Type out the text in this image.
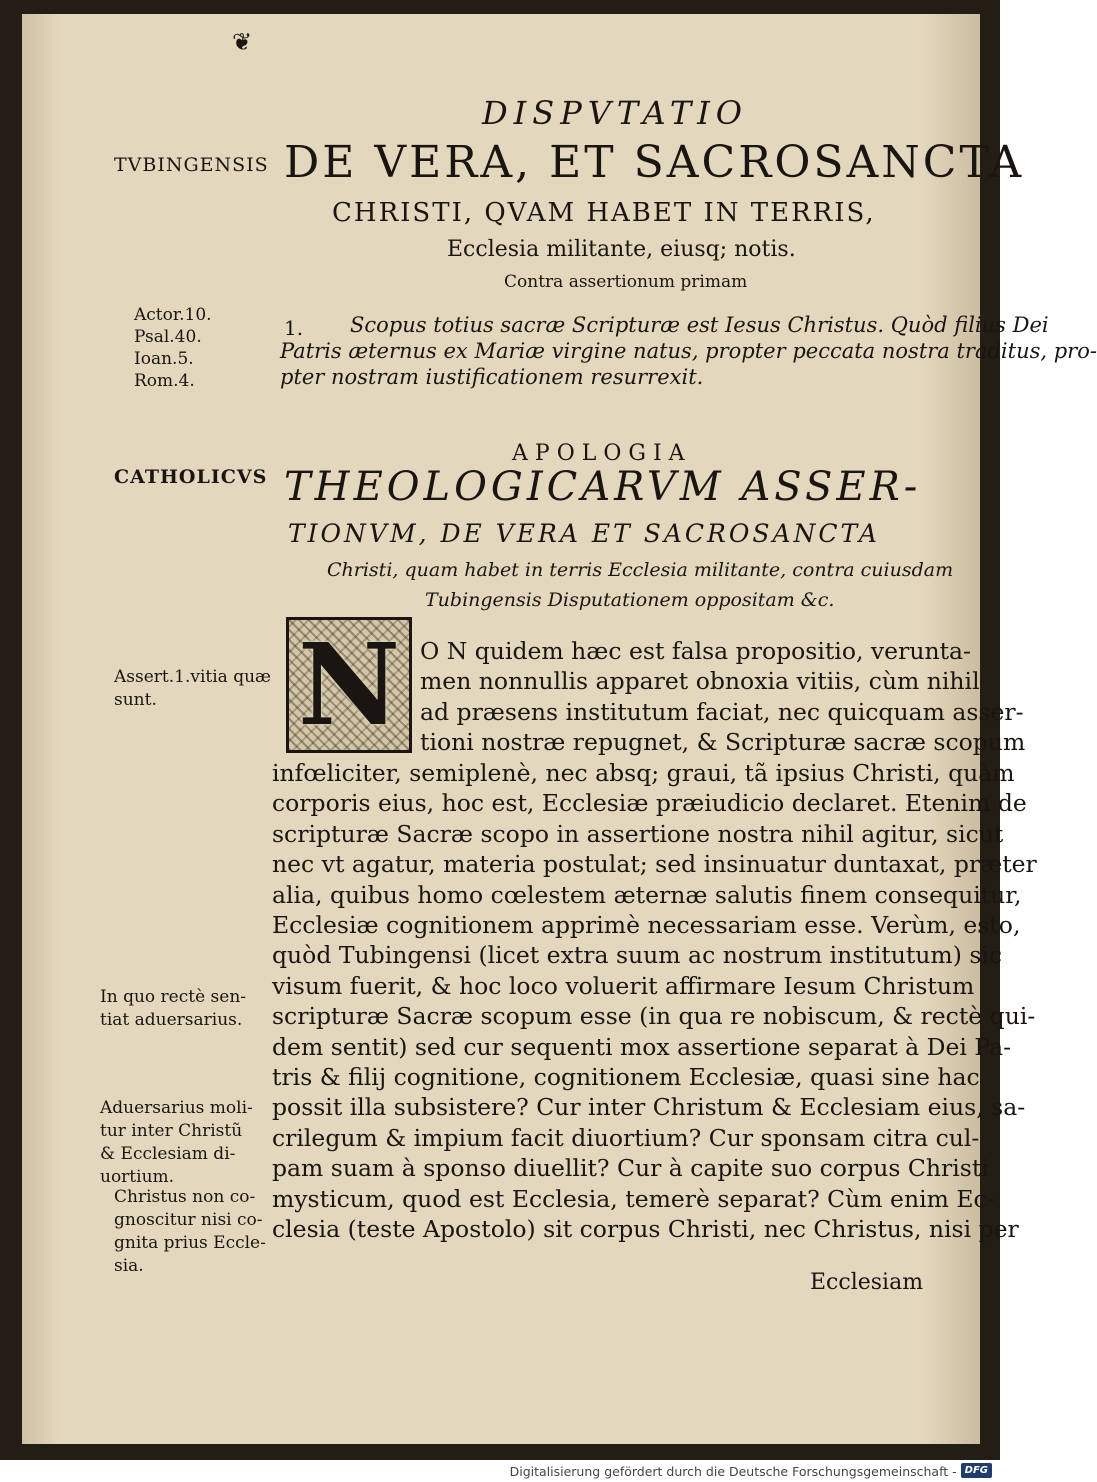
❦
DISPVTATIO
TVBINGENSIS DE VERA, ET SACROSANCTA
CHRISTI, QVAM HABET IN TERRIS,
Ecclesia militante, eiusq; notis.
Contra assertionum primam
Actor.10.
Psal.40.
Ioan.5.
Rom.4.
1.	Scopus totius sacræ Scripturæ est Iesus Christus. Quòd filius Dei
Patris æternus ex Mariæ virgine natus, propter peccata nostra traditus, pro-
pter nostram iustificationem resurrexit.
APOLOGIA
CATHOLICVS THEOLOGICARVM ASSER-
TIONVM, DE VERA ET SACROSANCTA
Christi, quam habet in terris Ecclesia militante, contra cuiusdam
Tubingensis Disputationem oppositam &c.
N O N quidem hæc est falsa propositio, verunta-
men nonnullis apparet obnoxia vitiis, cùm nihil
ad præsens institutum faciat, nec quicquam asser-
tioni nostræ repugnet, & Scripturæ sacræ scopum
infœliciter, semiplenè, nec absq; graui, tã ipsius Christi, quàm
corporis eius, hoc est, Ecclesiæ præiudicio declaret. Etenim de
scripturæ Sacræ scopo in assertione nostra nihil agitur, sicut
nec vt agatur, materia postulat; sed insinuatur duntaxat, præter
alia, quibus homo cœlestem æternæ salutis finem consequitur,
Ecclesiæ cognitionem apprimè necessariam esse. Verùm, esto,
quòd Tubingensi (licet extra suum ac nostrum institutum) sic
visum fuerit, & hoc loco voluerit affirmare Iesum Christum
scripturæ Sacræ scopum esse (in qua re nobiscum, & rectè qui-
dem sentit) sed cur sequenti mox assertione separat à Dei Pa-
tris & filij cognitione, cognitionem Ecclesiæ, quasi sine hac
possit illa subsistere? Cur inter Christum & Ecclesiam eius, sa-
crilegum & impium facit diuortium? Cur sponsam citra cul-
pam suam à sponso diuellit? Cur à capite suo corpus Christi
mysticum, quod est Ecclesia, temerè separat? Cùm enim Ec-
clesia (teste Apostolo) sit corpus Christi, nec Christus, nisi per
Ecclesiam
Assert.1.vitia quæ
sunt.
In quo rectè sen-
tiat aduersarius.
Aduersarius moli-
tur inter Christũ
& Ecclesiam di-
uortium.
Christus non co-
gnoscitur nisi co-
gnita prius Eccle-
sia.
Digitalisierung gefördert durch die Deutsche Forschungsgemeinschaft - DFG
